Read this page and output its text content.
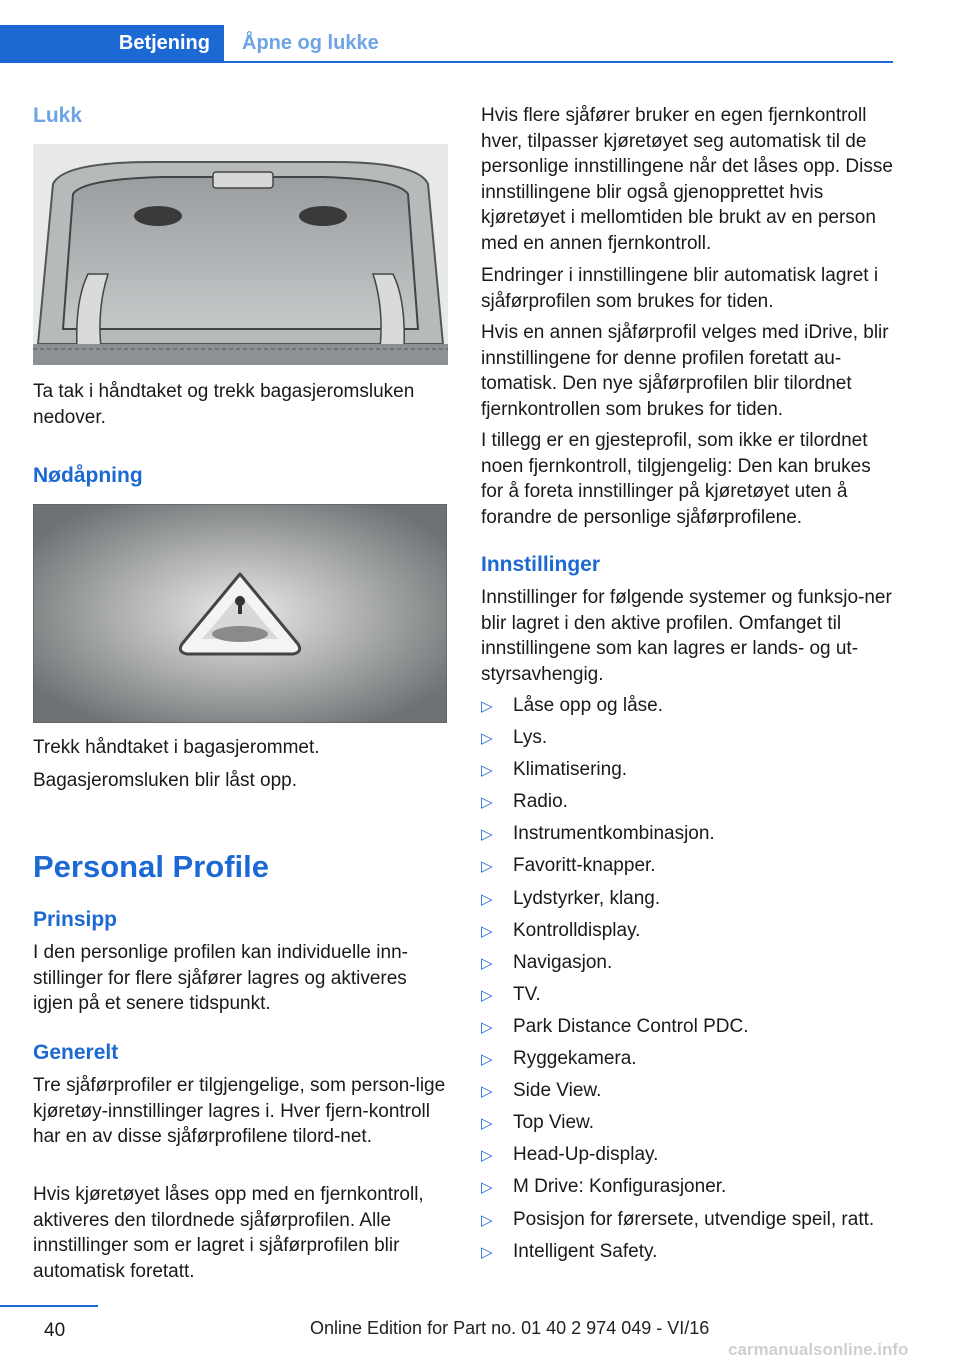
Betjening	Åpne og lukke
Lukk

Ta tak i håndtaket og trekk bagasjeromsluken nedover.

Nødåpning

Trekk håndtaket i bagasjerommet.

Bagasjeromsluken blir låst opp.

Personal Profile
Prinsipp

I den personlige profilen kan individuelle inn-stillinger for flere sjåfører lagres og aktiveres igjen på et senere tidspunkt.

Generelt

Tre sjåførprofiler er tilgjengelige, som person-lige kjøretøy-innstillinger lagres i. Hver fjern-kontroll har en av disse sjåførprofilene tilord-net.

Hvis kjøretøyet låses opp med en fjernkontroll, aktiveres den tilordnede sjåførprofilen. Alle innstillinger som er lagret i sjåførprofilen blir automatisk foretatt.

Hvis flere sjåfører bruker en egen fjernkontroll hver, tilpasser kjøretøyet seg automatisk til de personlige innstillingene når det låses opp. Disse innstillingene blir også gjenopprettet hvis kjøretøyet i mellomtiden ble brukt av en person med en annen fjernkontroll.

Endringer i innstillingene blir automatisk lagret i sjåførprofilen som brukes for tiden.

Hvis en annen sjåførprofil velges med iDrive, blir innstillingene for denne profilen foretatt au-tomatisk. Den nye sjåførprofilen blir tilordnet fjernkontrollen som brukes for tiden.

I tillegg er en gjesteprofil, som ikke er tilordnet noen fjernkontroll, tilgjengelig: Den kan brukes for å foreta innstillinger på kjøretøyet uten å forandre de personlige sjåførprofilene.

Innstillinger

Innstillinger for følgende systemer og funksjo-ner blir lagret i den aktive profilen. Omfanget til innstillingene som kan lagres er lands- og ut-styrsavhengig.

▷ Låse opp og låse.
▷ Lys.
▷ Klimatisering.
▷ Radio.
▷ Instrumentkombinasjon.
▷ Favoritt-knapper.
▷ Lydstyrker, klang.
▷ Kontrolldisplay.
▷ Navigasjon.
▷ TV.
▷ Park Distance Control PDC.
▷ Ryggekamera.
▷ Side View.
▷ Top View.
▷ Head-Up-display.
▷ M Drive: Konfigurasjoner.
▷ Posisjon for førersete, utvendige speil, ratt.
▷ Intelligent Safety.
40	Online Edition for Part no. 01 40 2 974 049 - VI/16
carmanualsonline.info
